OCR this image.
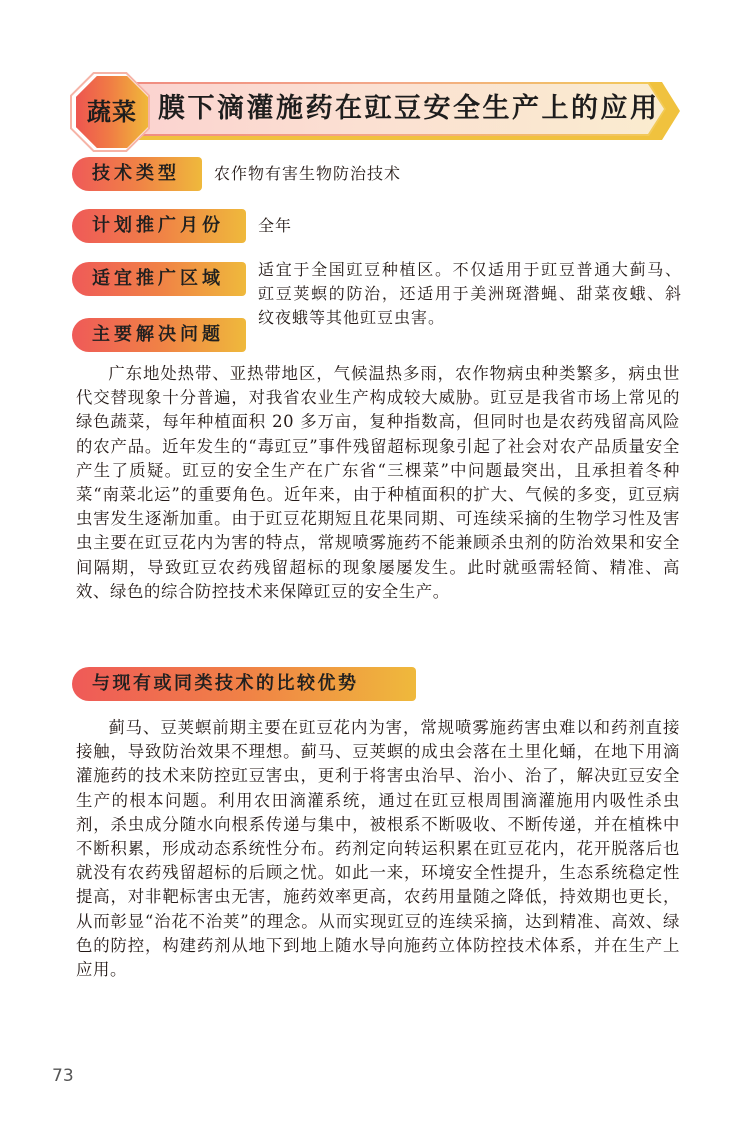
膜下滴灌施药在豇豆安全生产上的应用
蔬菜
技术类型	农作物有害生物防治技术
计划推广月份	全年
适宜推广区域	适宜于全国豇豆种植区。不仅适用于豇豆普通大蓟马、豇豆荚螟的防治，还适用于美洲斑潜蝇、甜菜夜蛾、斜纹夜蛾等其他豇豆虫害。
主要解决问题

广东地处热带、亚热带地区，气候温热多雨，农作物病虫种类繁多，病虫世代交替现象十分普遍，对我省农业生产构成较大威胁。豇豆是我省市场上常见的绿色蔬菜，每年种植面积 20 多万亩，复种指数高，但同时也是农药残留高风险的农产品。近年发生的“毒豇豆”事件残留超标现象引起了社会对农产品质量安全产生了质疑。豇豆的安全生产在广东省“三棵菜”中问题最突出，且承担着冬种菜“南菜北运”的重要角色。近年来，由于种植面积的扩大、气候的多变，豇豆病虫害发生逐渐加重。由于豇豆花期短且花果同期、可连续采摘的生物学习性及害虫主要在豇豆花内为害的特点，常规喷雾施药不能兼顾杀虫剂的防治效果和安全间隔期，导致豇豆农药残留超标的现象屡屡发生。此时就亟需轻简、精准、高效、绿色的综合防控技术来保障豇豆的安全生产。

与现有或同类技术的比较优势

蓟马、豆荚螟前期主要在豇豆花内为害，常规喷雾施药害虫难以和药剂直接接触，导致防治效果不理想。蓟马、豆荚螟的成虫会落在土里化蛹，在地下用滴灌施药的技术来防控豇豆害虫，更利于将害虫治早、治小、治了，解决豇豆安全生产的根本问题。利用农田滴灌系统，通过在豇豆根周围滴灌施用内吸性杀虫剂，杀虫成分随水向根系传递与集中，被根系不断吸收、不断传递，并在植株中不断积累，形成动态系统性分布。药剂定向转运积累在豇豆花内，花开脱落后也就没有农药残留超标的后顾之忧。如此一来，环境安全性提升，生态系统稳定性提高，对非靶标害虫无害，施药效率更高，农药用量随之降低，持效期也更长，从而彰显“治花不治荚”的理念。从而实现豇豆的连续采摘，达到精准、高效、绿色的防控，构建药剂从地下到地上随水导向施药立体防控技术体系，并在生产上应用。

73
